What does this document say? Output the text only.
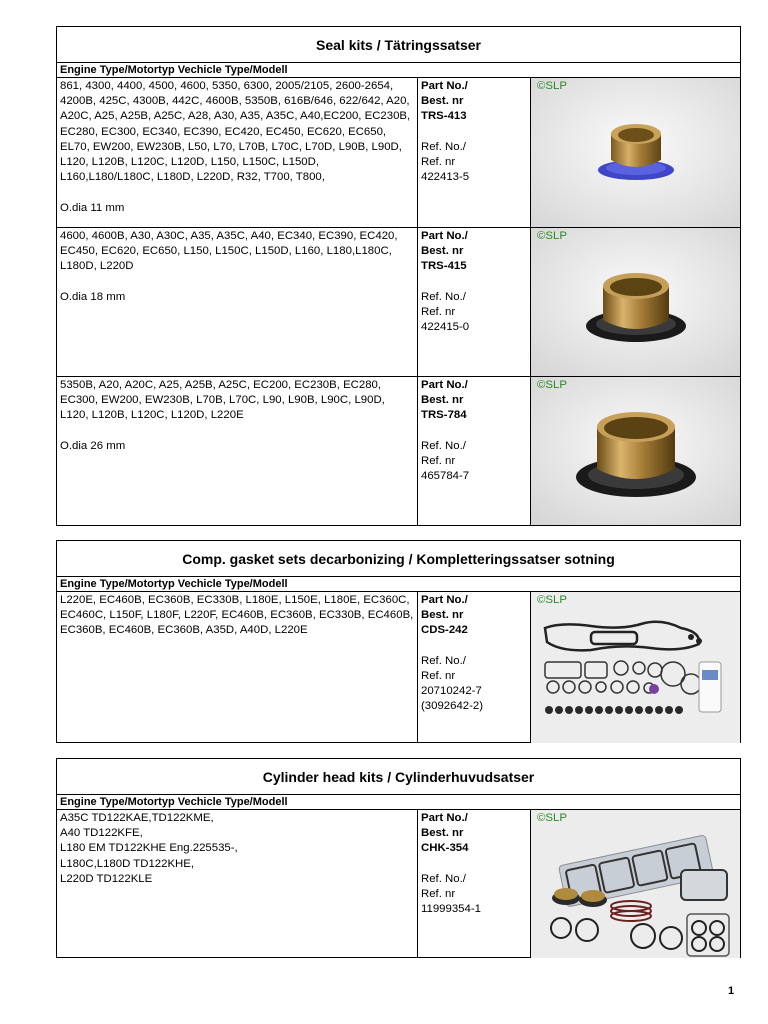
Seal kits / Tätringssatser
Engine Type/Motortyp Vechicle Type/Modell
861, 4300, 4400, 4500, 4600, 5350, 6300, 2005/2105, 2600-2654, 4200B, 425C, 4300B, 442C, 4600B, 5350B, 616B/646, 622/642, A20, A20C, A25, A25B, A25C, A28, A30, A35, A35C, A40,EC200, EC230B, EC280, EC300, EC340, EC390, EC420, EC450, EC620, EC650, EL70, EW200, EW230B, L50, L70, L70B, L70C, L70D, L90B, L90D, L120, L120B, L120C, L120D, L150, L150C, L150D, L160,L180/L180C, L180D, L220D, R32, T700, T800,
O.dia 11 mm
Part No./
Best. nr
TRS-413
Ref. No./
Ref. nr
422413-5
©SLP
4600, 4600B, A30, A30C, A35, A35C, A40, EC340, EC390, EC420, EC450, EC620, EC650, L150, L150C, L150D, L160, L180,L180C, L180D, L220D
O.dia 18 mm
Part No./
Best. nr
TRS-415
Ref. No./
Ref. nr
422415-0
©SLP
5350B, A20, A20C, A25, A25B, A25C, EC200, EC230B, EC280, EC300, EW200, EW230B, L70B, L70C, L90, L90B, L90C, L90D, L120, L120B, L120C, L120D, L220E
O.dia 26 mm
Part No./
Best. nr
TRS-784
Ref. No./
Ref. nr
465784-7
©SLP
Comp. gasket sets decarbonizing / Kompletteringssatser sotning
Engine Type/Motortyp Vechicle Type/Modell
L220E, EC460B, EC360B, EC330B, L180E, L150E, L180E, EC360C, EC460C, L150F, L180F, L220F, EC460B, EC360B, EC330B, EC460B, EC360B, EC460B, EC360B, A35D, A40D, L220E
Part No./
Best. nr
CDS-242
Ref. No./
Ref. nr
20710242-7
(3092642-2)
©SLP
Cylinder head kits / Cylinderhuvudsatser
Engine Type/Motortyp Vechicle Type/Modell
A35C TD122KAE,TD122KME,
A40 TD122KFE,
L180 EM TD122KHE Eng.225535-,
L180C,L180D TD122KHE,
L220D TD122KLE
Part No./
Best. nr
CHK-354
Ref. No./
Ref. nr
11999354-1
©SLP
1
